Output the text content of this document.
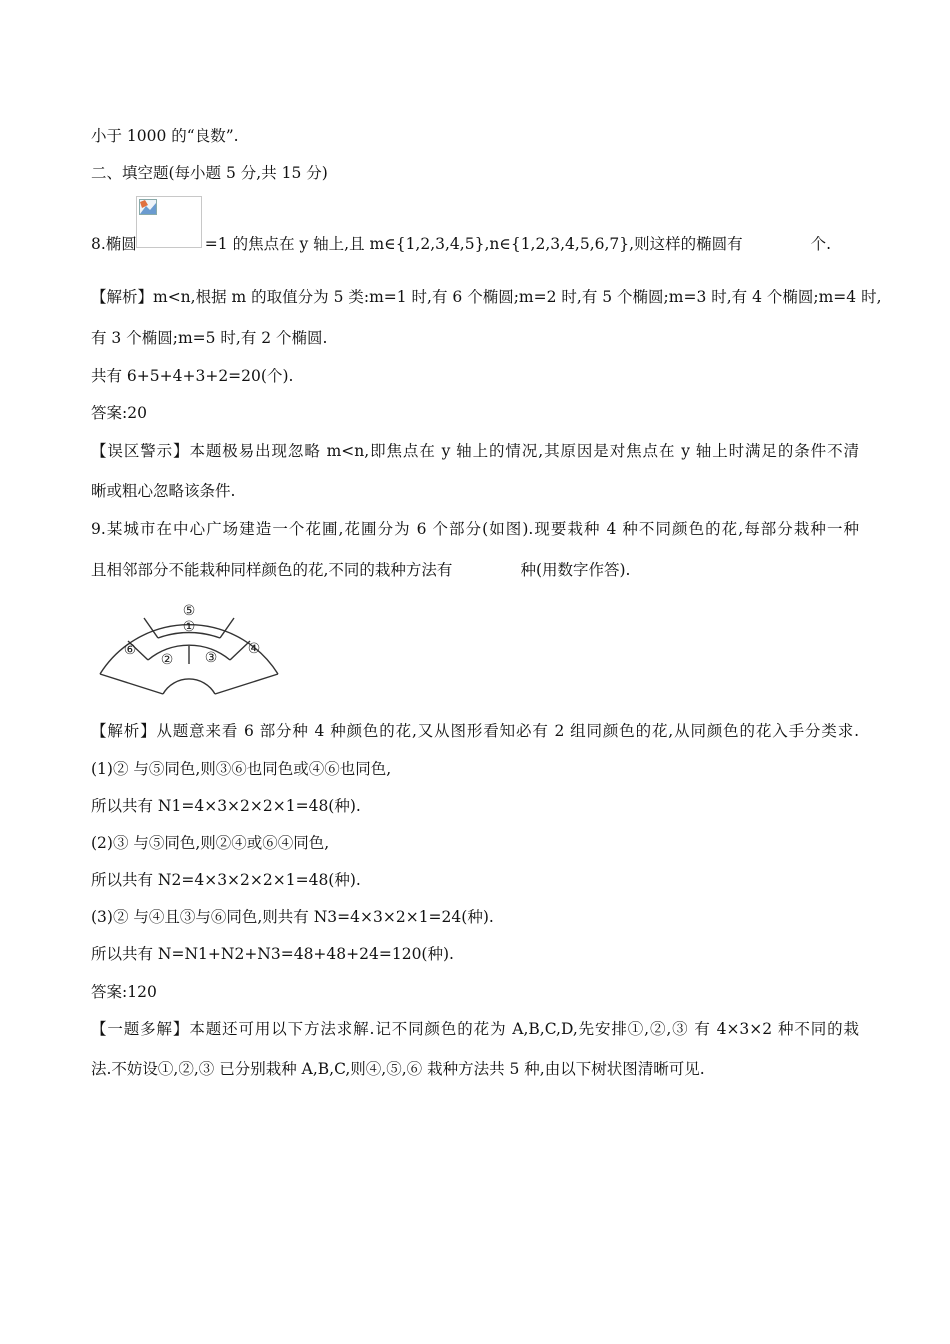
小于 1000 的“良数”.
二、填空题(每小题 5 分,共 15 分)
8.椭圆	=1 的焦点在 y 轴上,且 m∈{1,2,3,4,5},n∈{1,2,3,4,5,6,7},则这样的椭圆有	个.
【解析】m<n,根据 m 的取值分为 5 类:m=1 时,有 6 个椭圆;m=2 时,有 5 个椭圆;m=3 时,有 4 个椭圆;m=4 时,
有 3 个椭圆;m=5 时,有 2 个椭圆.
共有 6+5+4+3+2=20(个).
答案:20
【误区警示】本题极易出现忽略 m<n,即焦点在 y 轴上的情况,其原因是对焦点在 y 轴上时满足的条件不清
晰或粗心忽略该条件.
9.某城市在中心广场建造一个花圃,花圃分为 6 个部分(如图).现要栽种 4 种不同颜色的花,每部分栽种一种
且相邻部分不能栽种同样颜色的花,不同的栽种方法有	种(用数字作答).
⑤
①
⑥
② ③
④
【解析】从题意来看 6 部分种 4 种颜色的花,又从图形看知必有 2 组同颜色的花,从同颜色的花入手分类求.
(1)② 与⑤同色,则③⑥也同色或④⑥也同色,
所以共有 N1=4×3×2×2×1=48(种).
(2)③ 与⑤同色,则②④或⑥④同色,
所以共有 N2=4×3×2×2×1=48(种).
(3)② 与④且③与⑥同色,则共有 N3=4×3×2×1=24(种).
所以共有 N=N1+N2+N3=48+48+24=120(种).
答案:120
【一题多解】本题还可用以下方法求解.记不同颜色的花为 A,B,C,D,先安排①,②,③ 有 4×3×2 种不同的栽
法.不妨设①,②,③ 已分别栽种 A,B,C,则④,⑤,⑥ 栽种方法共 5 种,由以下树状图清晰可见.
